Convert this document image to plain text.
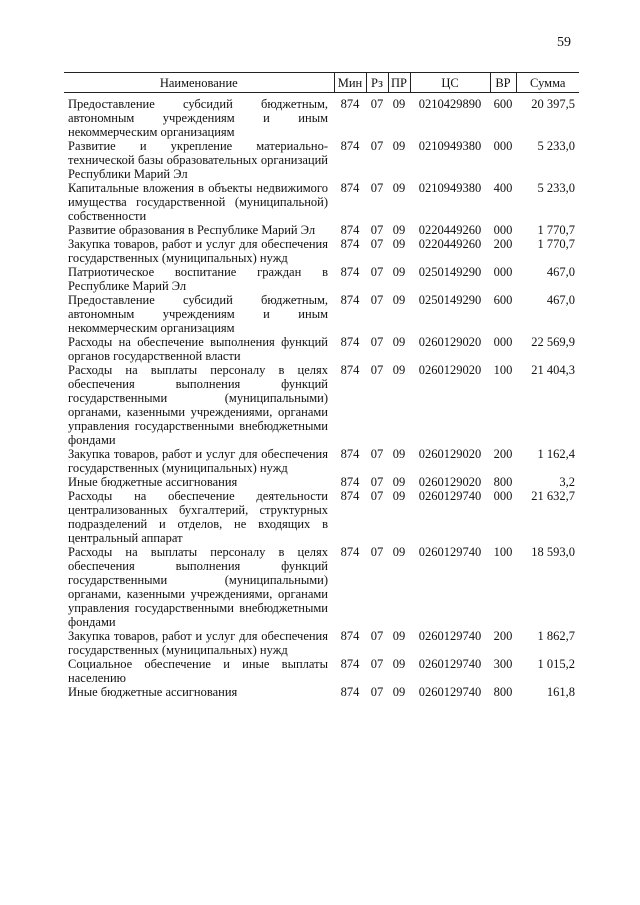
59
Наименование	Мин	Рз	ПР	ЦС	ВР	Сумма
Предоставление субсидий бюджетным, автономным учреждениям и иным некоммерческим организациям	874	07	09	0210429890	600	20 397,5
Развитие и укрепление материально-технической базы образовательных организаций Республики Марий Эл	874	07	09	0210949380	000	5 233,0
Капитальные вложения в объекты недвижимого имущества государственной (муниципальной) собственности	874	07	09	0210949380	400	5 233,0
Развитие образования в Республике Марий Эл	874	07	09	0220449260	000	1 770,7
Закупка товаров, работ и услуг для обеспечения государственных (муниципальных) нужд	874	07	09	0220449260	200	1 770,7
Патриотическое воспитание граждан в Республике Марий Эл	874	07	09	0250149290	000	467,0
Предоставление субсидий бюджетным, автономным учреждениям и иным некоммерческим организациям	874	07	09	0250149290	600	467,0
Расходы на обеспечение выполнения функций органов государственной власти	874	07	09	0260129020	000	22 569,9
Расходы на выплаты персоналу в целях обеспечения выполнения функций государственными (муниципальными) органами, казенными учреждениями, органами управления государственными внебюджетными фондами	874	07	09	0260129020	100	21 404,3
Закупка товаров, работ и услуг для обеспечения государственных (муниципальных) нужд	874	07	09	0260129020	200	1 162,4
Иные бюджетные ассигнования	874	07	09	0260129020	800	3,2
Расходы на обеспечение деятельности централизованных бухгалтерий, структурных подразделений и отделов, не входящих в центральный аппарат	874	07	09	0260129740	000	21 632,7
Расходы на выплаты персоналу в целях обеспечения выполнения функций государственными (муниципальными) органами, казенными учреждениями, органами управления государственными внебюджетными фондами	874	07	09	0260129740	100	18 593,0
Закупка товаров, работ и услуг для обеспечения государственных (муниципальных) нужд	874	07	09	0260129740	200	1 862,7
Социальное обеспечение и иные выплаты населению	874	07	09	0260129740	300	1 015,2
Иные бюджетные ассигнования	874	07	09	0260129740	800	161,8
